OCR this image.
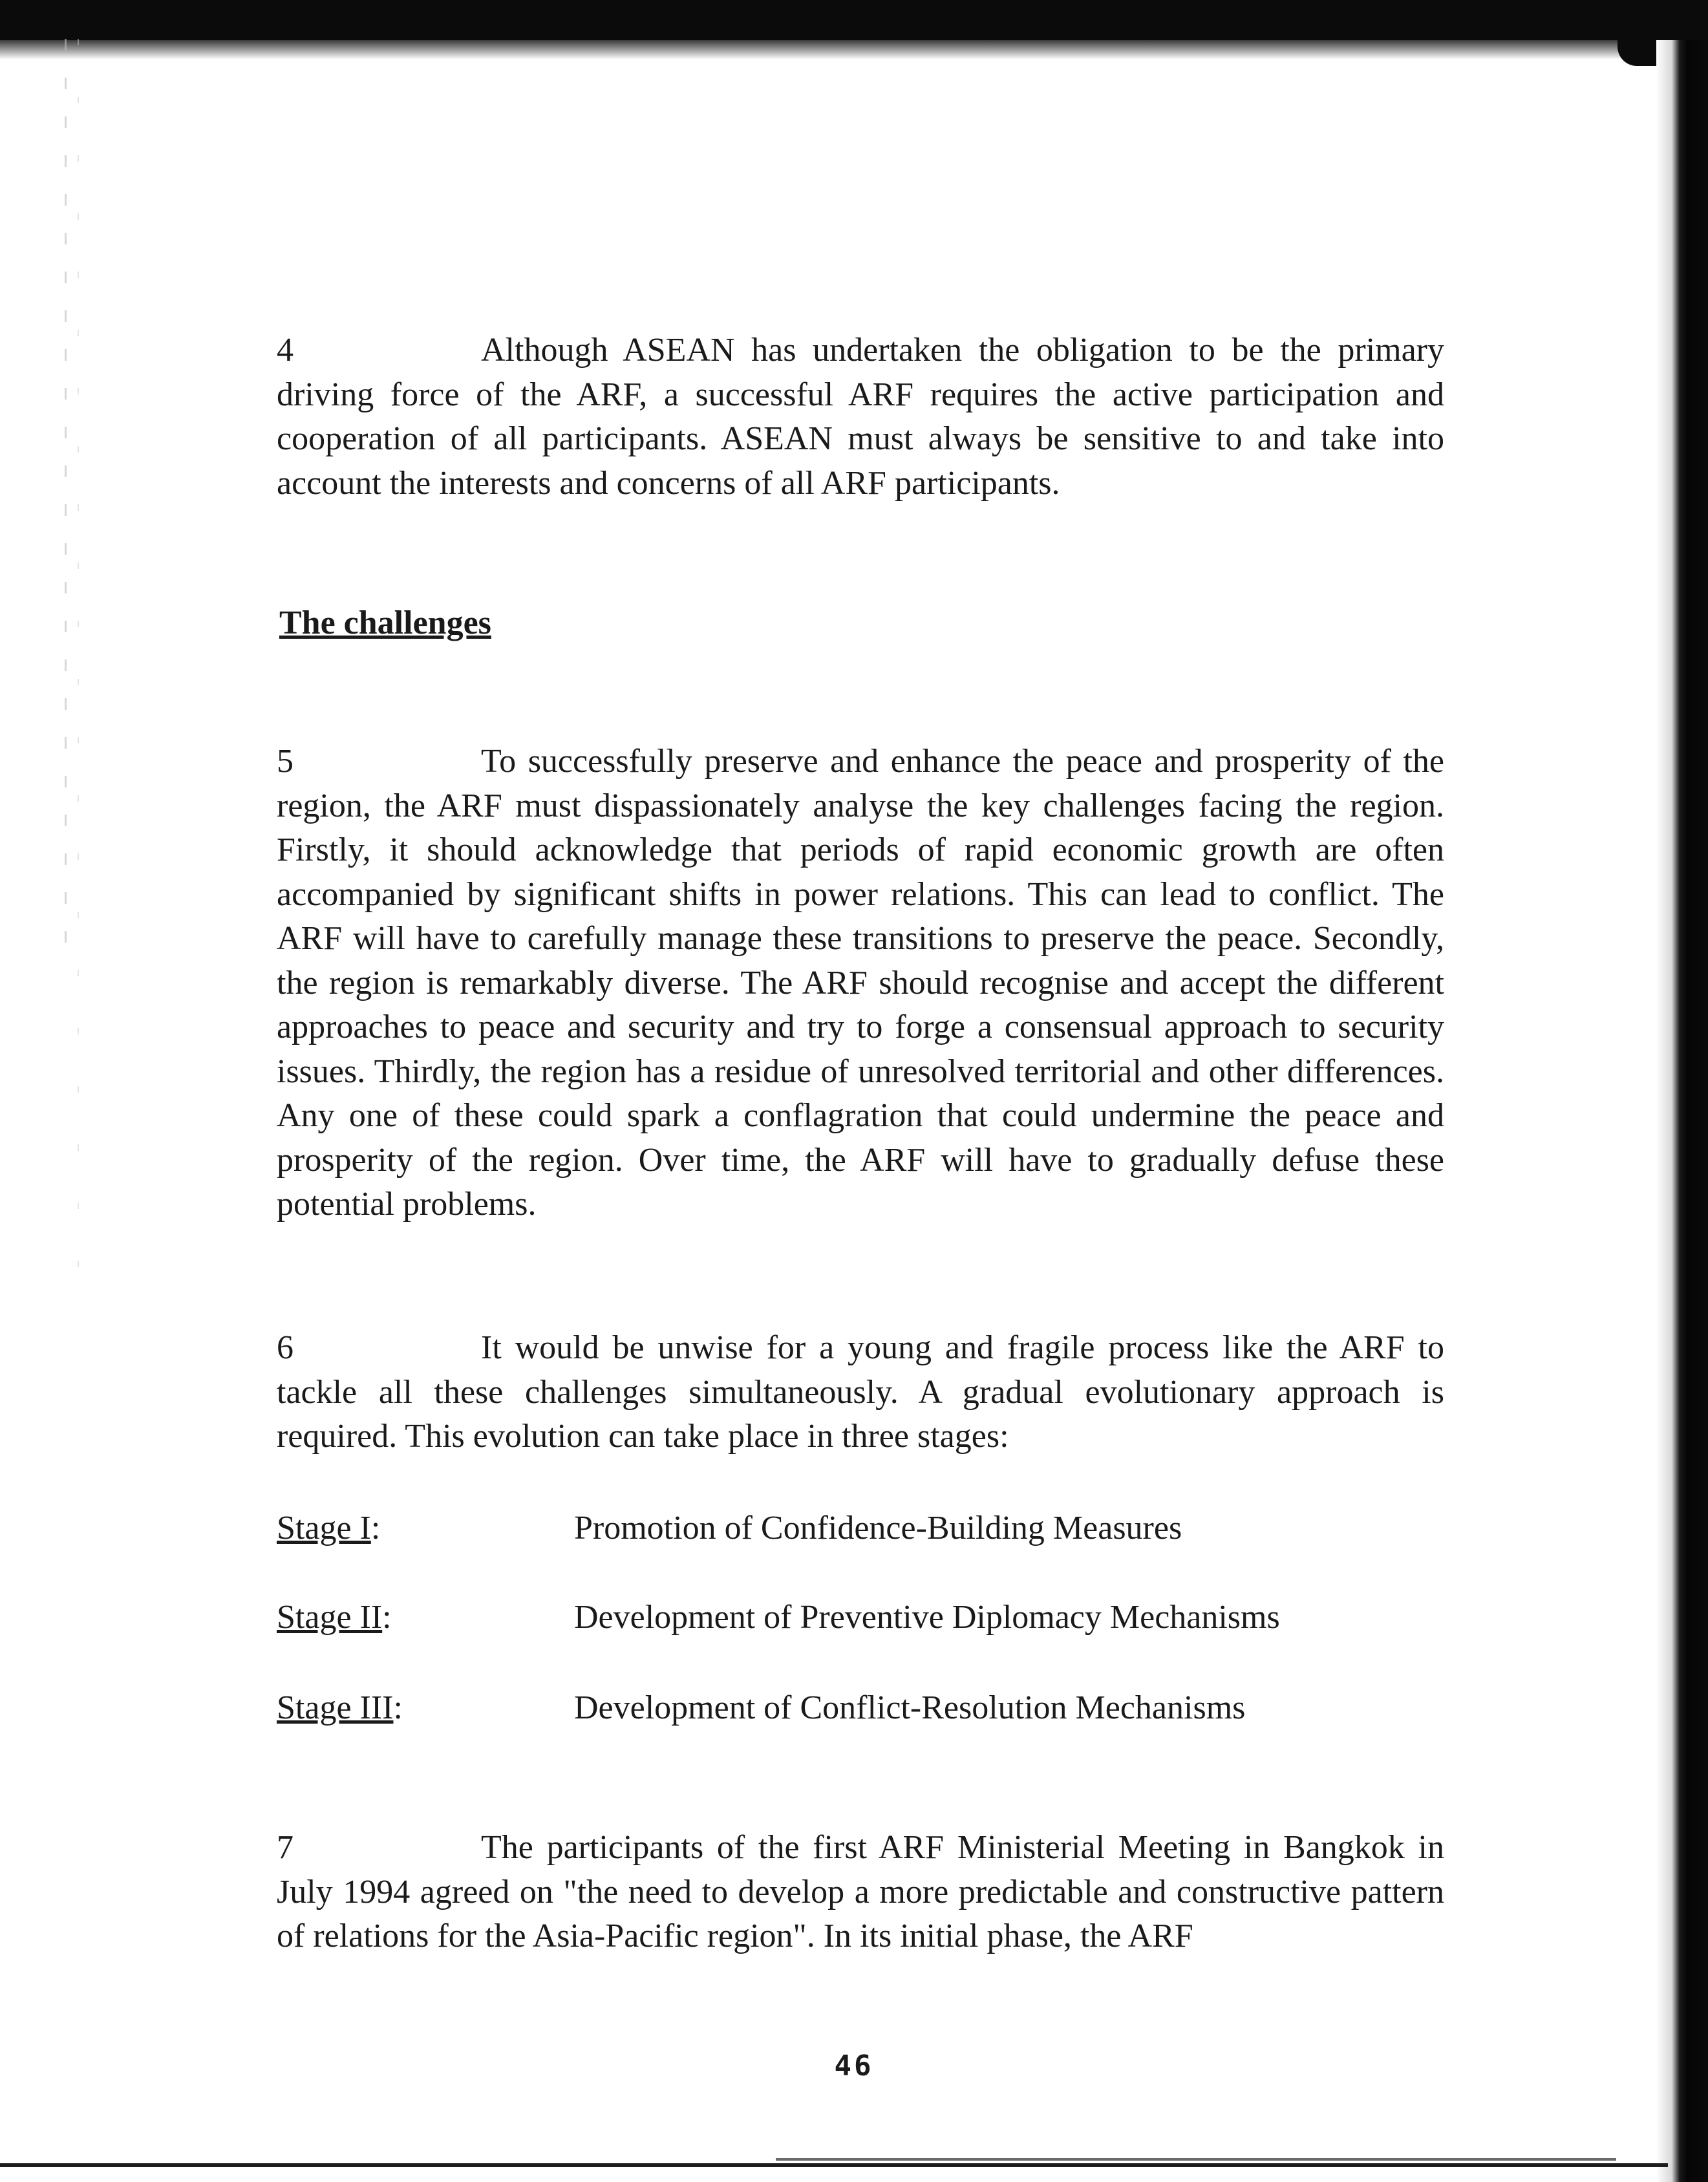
4	Although ASEAN has undertaken the obligation to be the primary driving force of the ARF, a successful ARF requires the active participation and cooperation of all participants. ASEAN must always be sensitive to and take into account the interests and concerns of all ARF participants.

The challenges

5	To successfully preserve and enhance the peace and prosperity of the region, the ARF must dispassionately analyse the key challenges facing the region. Firstly, it should acknowledge that periods of rapid economic growth are often accompanied by significant shifts in power relations. This can lead to conflict. The ARF will have to carefully manage these transitions to preserve the peace. Secondly, the region is remarkably diverse. The ARF should recognise and accept the different approaches to peace and security and try to forge a consensual approach to security issues. Thirdly, the region has a residue of unresolved territorial and other differences. Any one of these could spark a conflagration that could undermine the peace and prosperity of the region. Over time, the ARF will have to gradually defuse these potential problems.

6	It would be unwise for a young and fragile process like the ARF to tackle all these challenges simultaneously. A gradual evolutionary approach is required. This evolution can take place in three stages:

Stage I:	Promotion of Confidence-Building Measures
Stage II:	Development of Preventive Diplomacy Mechanisms
Stage III:	Development of Conflict-Resolution Mechanisms

7	The participants of the first ARF Ministerial Meeting in Bangkok in July 1994 agreed on "the need to develop a more predictable and constructive pattern of relations for the Asia-Pacific region". In its initial phase, the ARF

46
